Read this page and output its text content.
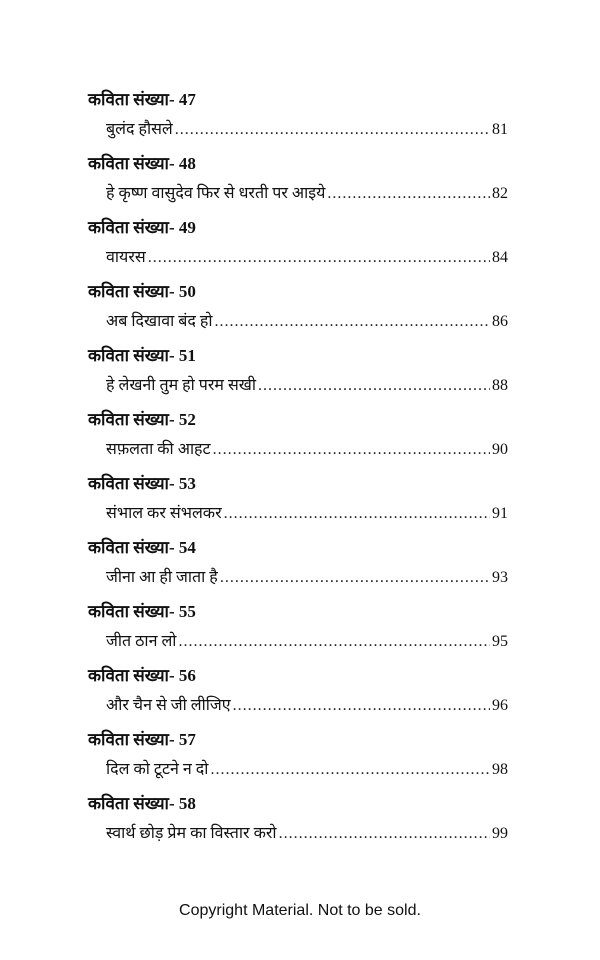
कविता संख्या- 47
बुलंद हौसले .....	81
कविता संख्या- 48
हे कृष्ण वासुदेव फिर से धरती पर आइये .....	82
कविता संख्या- 49
वायरस .....	84
कविता संख्या- 50
अब दिखावा बंद हो .....	86
कविता संख्या- 51
हे लेखनी तुम हो परम सखी .....	88
कविता संख्या- 52
सफ़लता की आहट .....	90
कविता संख्या- 53
संभाल कर संभलकर .....	91
कविता संख्या- 54
जीना आ ही जाता है .....	93
कविता संख्या- 55
जीत ठान लो .....	95
कविता संख्या- 56
और चैन से जी लीजिए .....	96
कविता संख्या- 57
दिल को टूटने न दो .....	98
कविता संख्या- 58
स्वार्थ छोड़ प्रेम का विस्तार करो .....	99
Copyright Material. Not to be sold.
